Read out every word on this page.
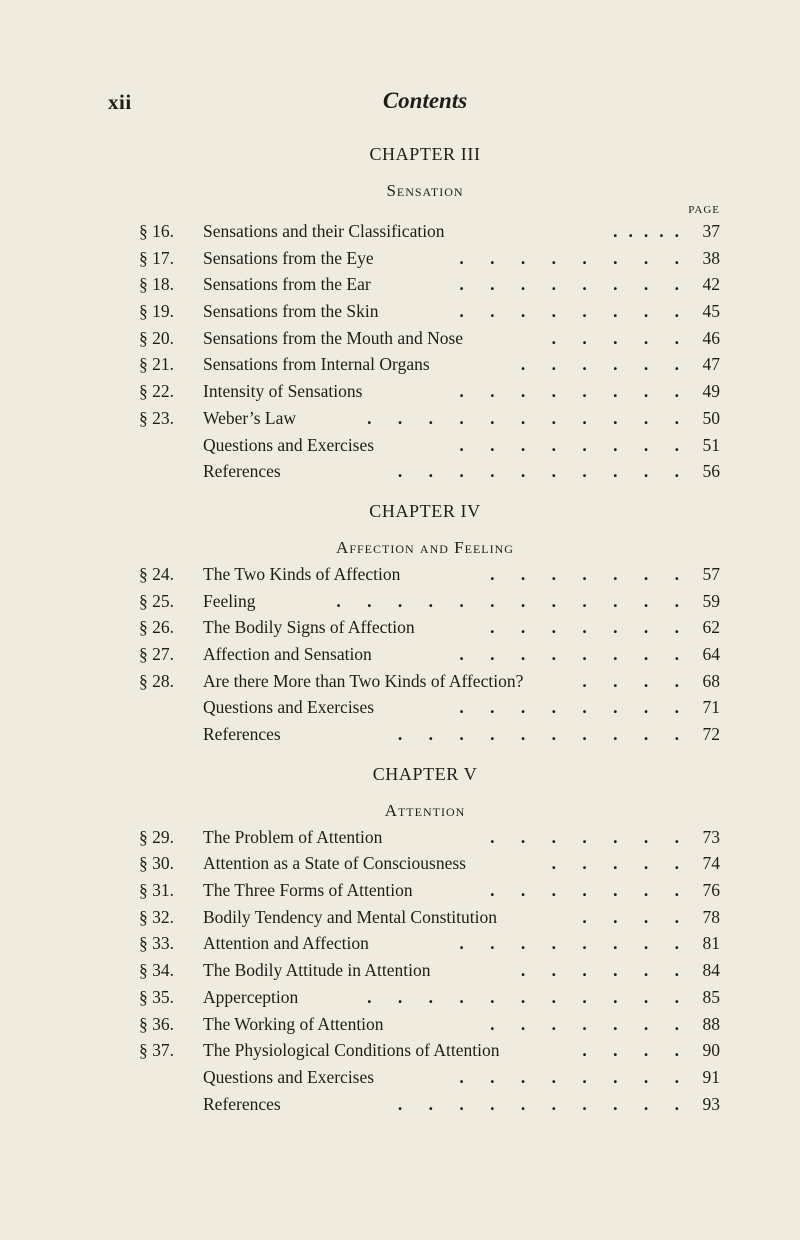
xii	Contents
CHAPTER III
Sensation
PAGE
§ 16. Sensations and their Classification	..... 37
§ 17. Sensations from the Eye	. . . . . . . . 38
§ 18. Sensations from the Ear	. . . . . . . . 42
§ 19. Sensations from the Skin	. . . . . . . . 45
§ 20. Sensations from the Mouth and Nose	. . . . . 46
§ 21. Sensations from Internal Organs	. . . . . . 47
§ 22. Intensity of Sensations	. . . . . . . . 49
§ 23. Weber’s Law	. . . . . . . . . . . 50
Questions and Exercises	. . . . . . . . 51
References	. . . . . . . . . . 56
CHAPTER IV
Affection and Feeling
§ 24. The Two Kinds of Affection	. . . . . . . 57
§ 25. Feeling	. . . . . . . . . . . . 59
§ 26. The Bodily Signs of Affection	. . . . . . . 62
§ 27. Affection and Sensation	. . . . . . . . 64
§ 28. Are there More than Two Kinds of Affection?	. . . . 68
Questions and Exercises	. . . . . . . . 71
References	. . . . . . . . . . 72
CHAPTER V
Attention
§ 29. The Problem of Attention	. . . . . . . 73
§ 30. Attention as a State of Consciousness	. . . . . 74
§ 31. The Three Forms of Attention	. . . . . . . 76
§ 32. Bodily Tendency and Mental Constitution	. . . . 78
§ 33. Attention and Affection	. . . . . . . . 81
§ 34. The Bodily Attitude in Attention	. . . . . . 84
§ 35. Apperception	. . . . . . . . . . . 85
§ 36. The Working of Attention	. . . . . . . 88
§ 37. The Physiological Conditions of Attention	. . . . 90
Questions and Exercises	. . . . . . . . 91
References	. . . . . . . . . . 93
